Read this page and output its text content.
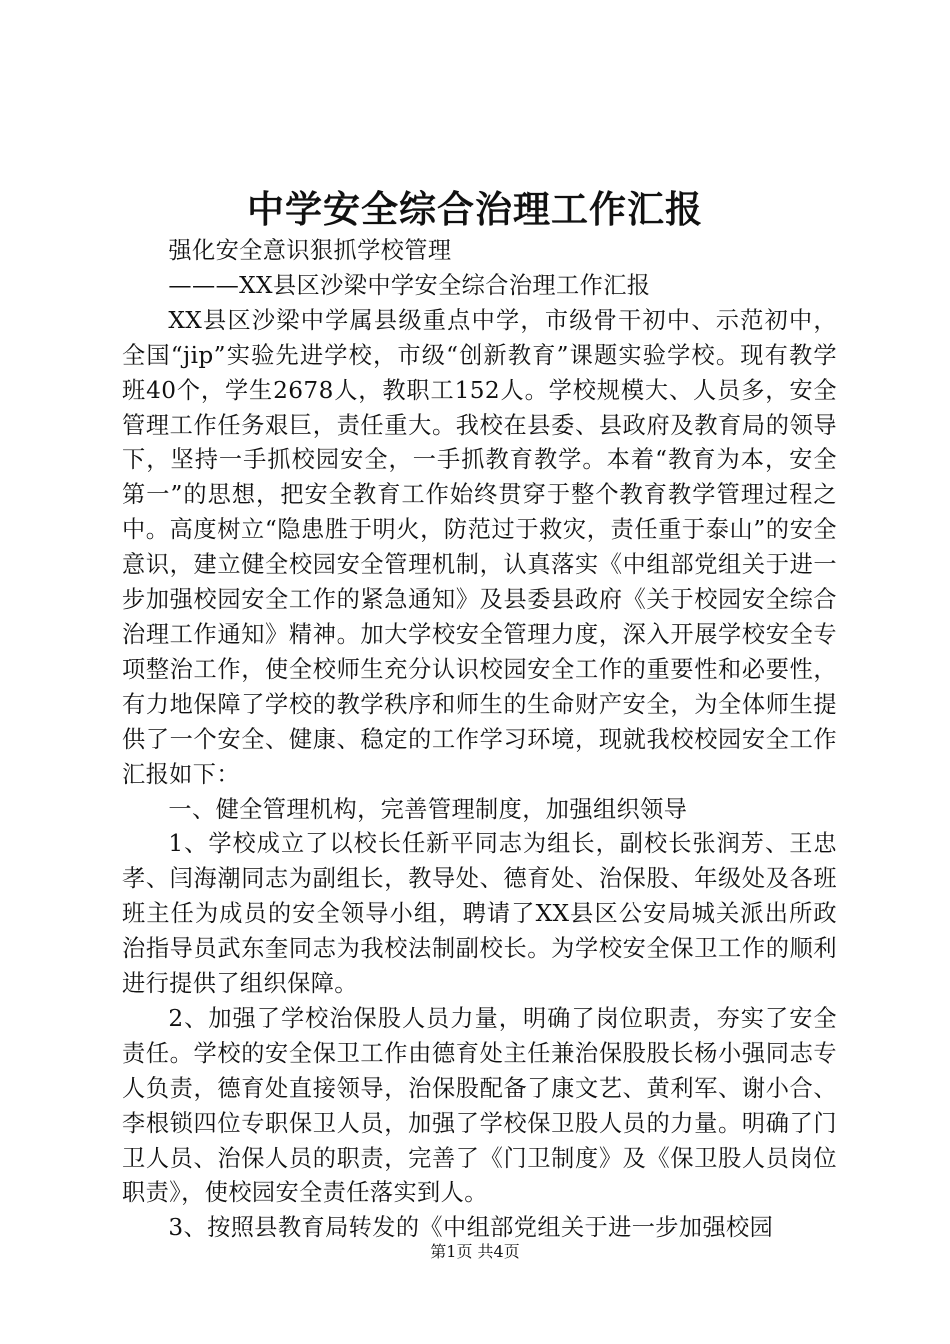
中学安全综合治理工作汇报

强化安全意识狠抓学校管理

———XX县区沙梁中学安全综合治理工作汇报

XX县区沙梁中学属县级重点中学，市级骨干初中、示范初中，全国“jip”实验先进学校，市级“创新教育”课题实验学校。现有教学班40个，学生2678人，教职工152人。学校规模大、人员多，安全管理工作任务艰巨，责任重大。我校在县委、县政府及教育局的领导下，坚持一手抓校园安全，一手抓教育教学。本着“教育为本，安全第一”的思想，把安全教育工作始终贯穿于整个教育教学管理过程之中。高度树立“隐患胜于明火，防范过于救灾，责任重于泰山”的安全意识，建立健全校园安全管理机制，认真落实《中组部党组关于进一步加强校园安全工作的紧急通知》及县委县政府《关于校园安全综合治理工作通知》精神。加大学校安全管理力度，深入开展学校安全专项整治工作，使全校师生充分认识校园安全工作的重要性和必要性，有力地保障了学校的教学秩序和师生的生命财产安全，为全体师生提供了一个安全、健康、稳定的工作学习环境，现就我校校园安全工作汇报如下：

一、健全管理机构，完善管理制度，加强组织领导

1、学校成立了以校长任新平同志为组长，副校长张润芳、王忠孝、闫海潮同志为副组长，教导处、德育处、治保股、年级处及各班班主任为成员的安全领导小组，聘请了XX县区公安局城关派出所政治指导员武东奎同志为我校法制副校长。为学校安全保卫工作的顺利进行提供了组织保障。

2、加强了学校治保股人员力量，明确了岗位职责，夯实了安全责任。学校的安全保卫工作由德育处主任兼治保股股长杨小强同志专人负责，德育处直接领导，治保股配备了康文艺、黄利军、谢小合、李根锁四位专职保卫人员，加强了学校保卫股人员的力量。明确了门卫人员、治保人员的职责，完善了《门卫制度》及《保卫股人员岗位职责》，使校园安全责任落实到人。

3、按照县教育局转发的《中组部党组关于进一步加强校园

第1页 共4页
